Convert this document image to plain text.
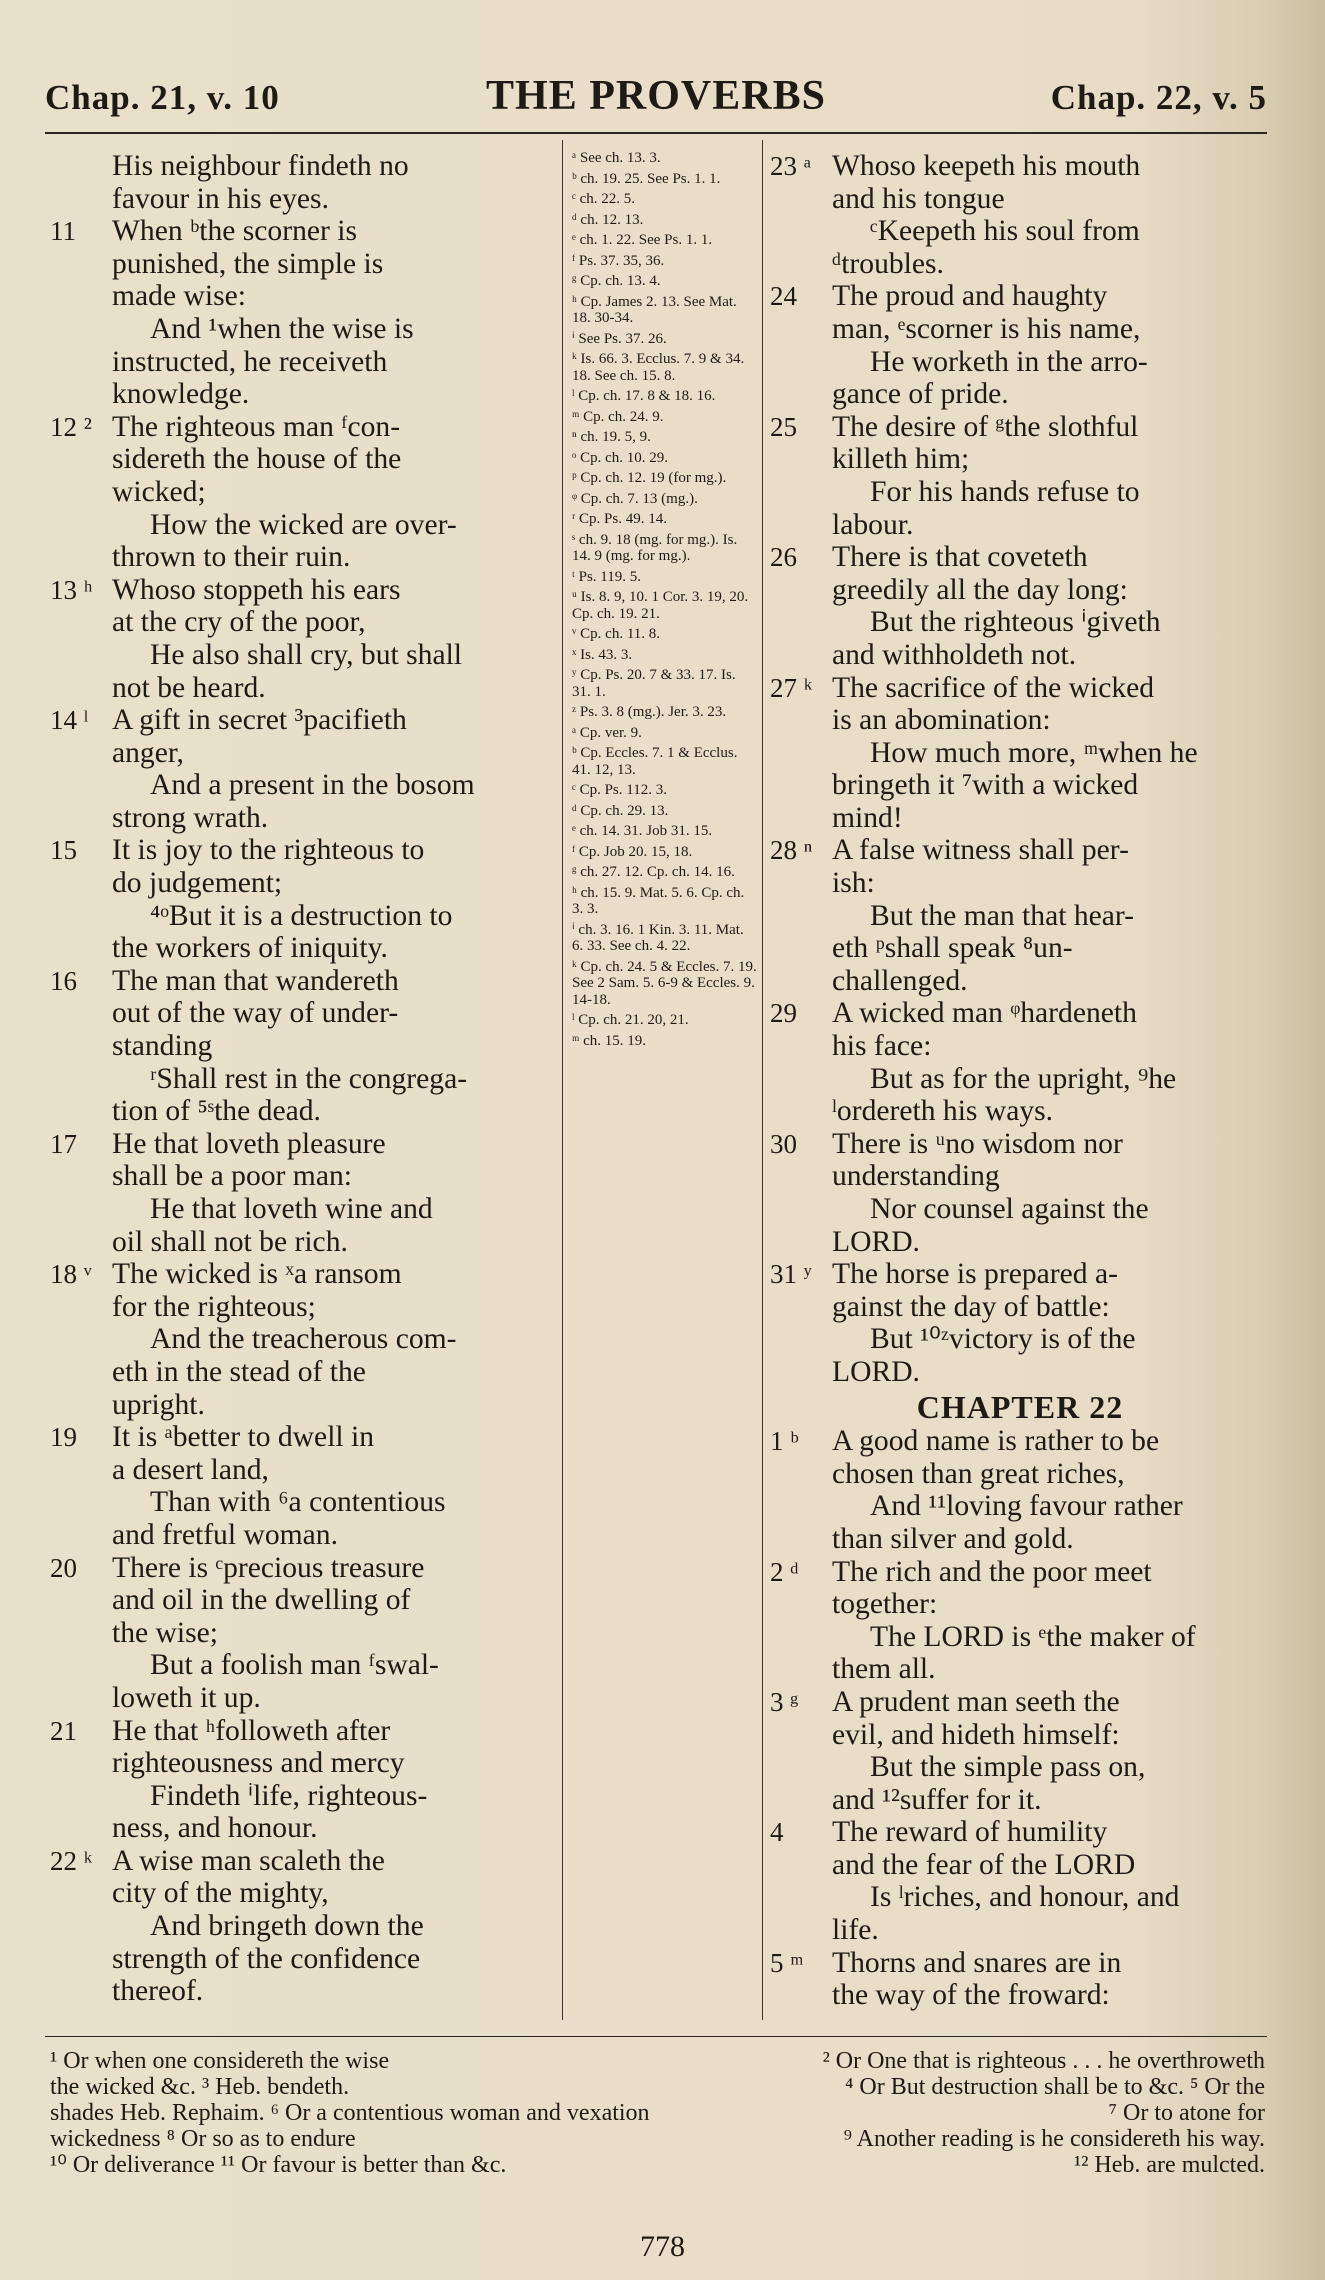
Chap. 21, v. 10	THE PROVERBS	Chap. 22, v. 5
His neighbour findeth no
favour in his eyes.
11	When ᵇthe scorner is
punished, the simple is
made wise:
And ¹when the wise is
instructed, he receiveth
knowledge.
12 ² The righteous man ᶠcon-
sidereth the house of the
wicked;
How the wicked are over-
thrown to their ruin.
13 ʰ Whoso stoppeth his ears
at the cry of the poor,
He also shall cry, but shall
not be heard.
14 ˡ A gift in secret ³pacifieth
anger,
And a present in the bosom
strong wrath.
15	It is joy to the righteous to
do judgement;
⁴ᵒBut it is a destruction to
the workers of iniquity.
16	The man that wandereth
out of the way of under-
standing
ʳShall rest in the congrega-
tion of ⁵ˢthe dead.
17	He that loveth pleasure
shall be a poor man:
He that loveth wine and
oil shall not be rich.
18 ᵛ The wicked is ˣa ransom
for the righteous;
And the treacherous com-
eth in the stead of the
upright.
19	It is ᵃbetter to dwell in
a desert land,
Than with ⁶a contentious
and fretful woman.
20	There is ᶜprecious treasure
and oil in the dwelling of
the wise;
But a foolish man ᶠswal-
loweth it up.
21	He that ʰfolloweth after
righteousness and mercy
Findeth ⁱlife, righteous-
ness, and honour.
22 ᵏ A wise man scaleth the
city of the mighty,
And bringeth down the
strength of the confidence
thereof.
ᵃ See ch. 13. 3.
ᵇ ch. 19. 25. See Ps. 1. 1.
ᶜ ch. 22. 5.
ᵈ ch. 12. 13.
ᵉ ch. 1. 22. See Ps. 1. 1.
ᶠ Ps. 37. 35, 36.
ᵍ Cp. ch. 13. 4.
ʰ Cp. James 2. 13. See Mat. 18. 30-34.
ⁱ See Ps. 37. 26.
ᵏ Is. 66. 3. Ecclus. 7. 9 & 34. 18. See ch. 15. 8.
ˡ Cp. ch. 17. 8 & 18. 16.
ᵐ Cp. ch. 24. 9.
ⁿ ch. 19. 5, 9.
ᵒ Cp. ch. 10. 29.
ᵖ Cp. ch. 12. 19 (for mg.).
ᵠ Cp. ch. 7. 13 (mg.).
ʳ Cp. Ps. 49. 14.
ˢ ch. 9. 18 (mg. for mg.). Is. 14. 9 (mg. for mg.).
ᵗ Ps. 119. 5.
ᵘ Is. 8. 9, 10. 1 Cor. 3. 19, 20. Cp. ch. 19. 21.
ᵛ Cp. ch. 11. 8.
ˣ Is. 43. 3.
ʸ Cp. Ps. 20. 7 & 33. 17. Is. 31. 1.
ᶻ Ps. 3. 8 (mg.). Jer. 3. 23.
ᵃ Cp. ver. 9.
ᵇ Cp. Eccles. 7. 1 & Ecclus. 41. 12, 13.
ᶜ Cp. Ps. 112. 3.
ᵈ Cp. ch. 29. 13.
ᵉ ch. 14. 31. Job 31. 15.
ᶠ Cp. Job 20. 15, 18.
ᵍ ch. 27. 12. Cp. ch. 14. 16.
ʰ ch. 15. 9. Mat. 5. 6. Cp. ch. 3. 3.
ⁱ ch. 3. 16. 1 Kin. 3. 11. Mat. 6. 33. See ch. 4. 22.
ᵏ Cp. ch. 24. 5 & Eccles. 7. 19. See 2 Sam. 5. 6-9 & Eccles. 9. 14-18.
ˡ Cp. ch. 21. 20, 21.
ᵐ ch. 15. 19.
23 ᵃ Whoso keepeth his mouth
and his tongue
ᶜKeepeth his soul from
ᵈtroubles.
24	The proud and haughty
man, ᵉscorner is his name,
He worketh in the arro-
gance of pride.
25	The desire of ᵍthe slothful
killeth him;
For his hands refuse to
labour.
26	There is that coveteth
greedily all the day long:
But the righteous ⁱgiveth
and withholdeth not.
27 ᵏ The sacrifice of the wicked
is an abomination:
How much more, ᵐwhen he
bringeth it ⁷with a wicked
mind!
28 ⁿ A false witness shall per-
ish:
But the man that hear-
eth ᵖshall speak ⁸un-
challenged.
29	A wicked man ᵠhardeneth
his face:
But as for the upright, ⁹he
ˡordereth his ways.
30	There is ᵘno wisdom nor
understanding
Nor counsel against the
LORD.
31 ʸ The horse is prepared a-
gainst the day of battle:
But ¹⁰ᶻvictory is of the
LORD.
CHAPTER 22
1 ᵇ	A good name is rather to be
chosen than great riches,
And ¹¹loving favour rather
than silver and gold.
2 ᵈ	The rich and the poor meet
together:
The LORD is ᵉthe maker of
them all.
3 ᵍ	A prudent man seeth the
evil, and hideth himself:
But the simple pass on,
and ¹²suffer for it.
4	The reward of humility
and the fear of the LORD
Is ˡriches, and honour, and
life.
5 ᵐ Thorns and snares are in
the way of the froward:
¹ Or when one considereth the wise	² Or One that is righteous . . . he overthroweth
the wicked &c. ³ Heb. bendeth.	⁴ Or But destruction shall be to &c. ⁵ Or the
shades Heb. Rephaim. ⁶ Or a contentious woman and vexation	⁷ Or to atone for
wickedness ⁸ Or so as to endure	⁹ Another reading is he considereth his way.
¹⁰ Or deliverance ¹¹ Or favour is better than &c.	¹² Heb. are mulcted.
778
